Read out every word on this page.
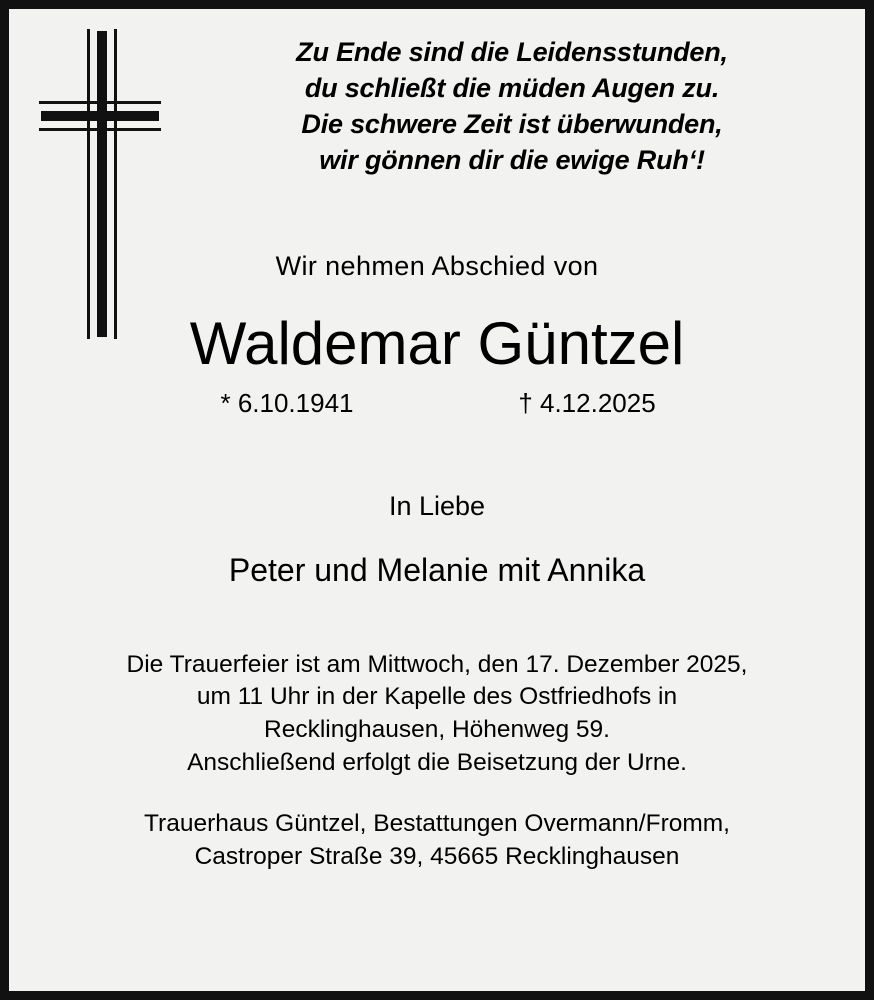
Zu Ende sind die Leidensstunden,
du schließt die müden Augen zu.
Die schwere Zeit ist überwunden,
wir gönnen dir die ewige Ruh‘!
Wir nehmen Abschied von
Waldemar Güntzel
* 6.10.1941	† 4.12.2025
In Liebe
Peter und Melanie mit Annika
Die Trauerfeier ist am Mittwoch, den 17. Dezember 2025,
um 11 Uhr in der Kapelle des Ostfriedhofs in
Recklinghausen, Höhenweg 59.
Anschließend erfolgt die Beisetzung der Urne.
Trauerhaus Güntzel, Bestattungen Overmann/Fromm,
Castroper Straße 39, 45665 Recklinghausen
